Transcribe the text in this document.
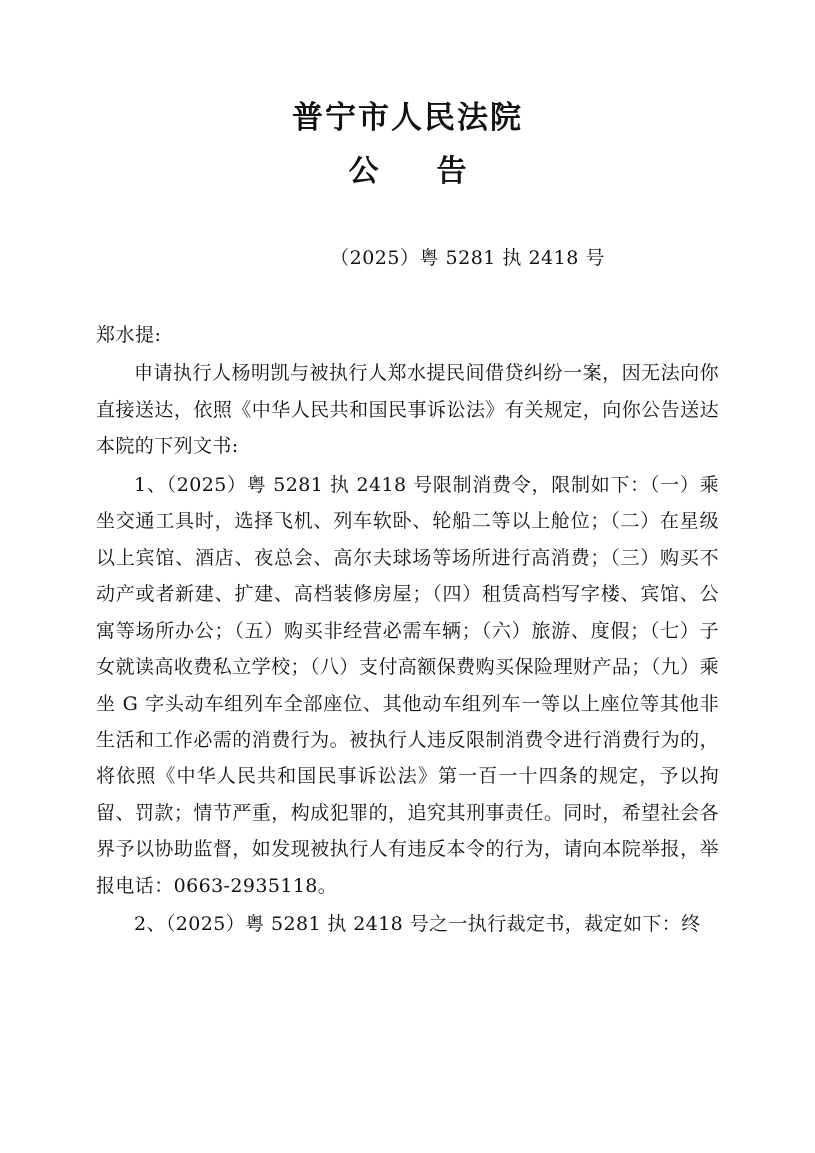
普宁市人民法院
公　告
（2025）粤 5281 执 2418 号
郑水提:

申请执行人杨明凯与被执行人郑水提民间借贷纠纷一案，因无法向你直接送达，依照《中华人民共和国民事诉讼法》有关规定，向你公告送达本院的下列文书:

1、（2025）粤 5281 执 2418 号限制消费令，限制如下：（一）乘坐交通工具时，选择飞机、列车软卧、轮船二等以上舱位；（二）在星级以上宾馆、酒店、夜总会、高尔夫球场等场所进行高消费；（三）购买不动产或者新建、扩建、高档装修房屋；（四）租赁高档写字楼、宾馆、公寓等场所办公；（五）购买非经营必需车辆；（六）旅游、度假；（七）子女就读高收费私立学校；（八）支付高额保费购买保险理财产品；（九）乘坐 G 字头动车组列车全部座位、其他动车组列车一等以上座位等其他非生活和工作必需的消费行为。被执行人违反限制消费令进行消费行为的，将依照《中华人民共和国民事诉讼法》第一百一十四条的规定，予以拘留、罚款；情节严重，构成犯罪的，追究其刑事责任。同时，希望社会各界予以协助监督，如发现被执行人有违反本令的行为，请向本院举报，举报电话：0663-2935118。

2、（2025）粤 5281 执 2418 号之一执行裁定书，裁定如下：终
